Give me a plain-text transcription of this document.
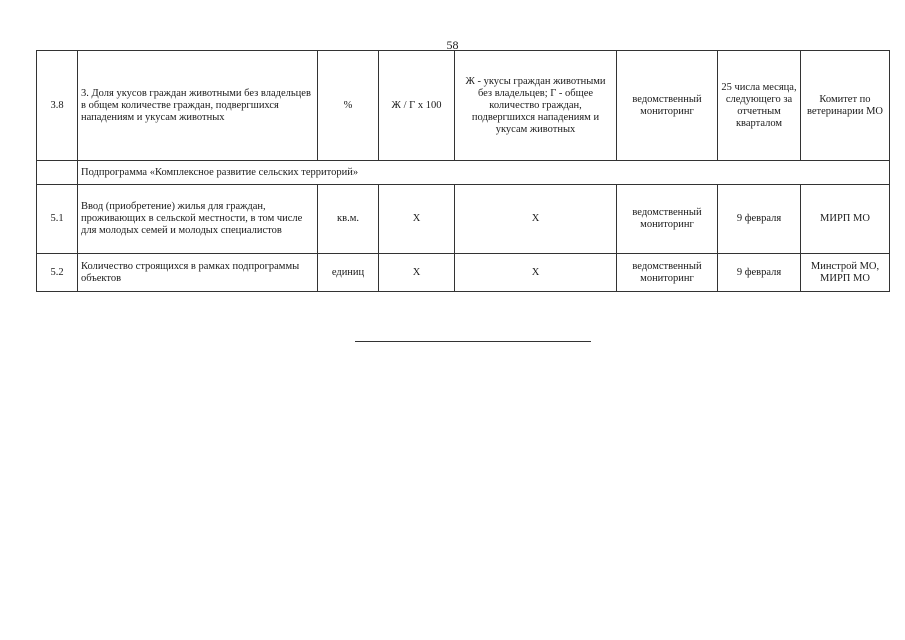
58
3.8	3. Доля укусов граждан животными без владельцев в общем количестве граждан, подвергшихся нападениям и укусам животных	%	Ж / Г х 100	Ж - укусы граждан животными без владельцев; Г - общее количество граждан, подвергшихся нападениям и укусам животных	ведомственный мониторинг	25 числа месяца, следующего за отчетным кварталом	Комитет по ветеринарии МО
	Подпрограмма «Комплексное развитие сельских территорий»						
5.1	Ввод (приобретение) жилья для граждан, проживающих в сельской местности, в том числе для молодых семей и молодых специалистов	кв.м.	Х	Х	ведомственный мониторинг	9 февраля	МИРП МО
5.2	Количество строящихся в рамках подпрограммы объектов	единиц	Х	Х	ведомственный мониторинг	9 февраля	Минстрой МО, МИРП МО
